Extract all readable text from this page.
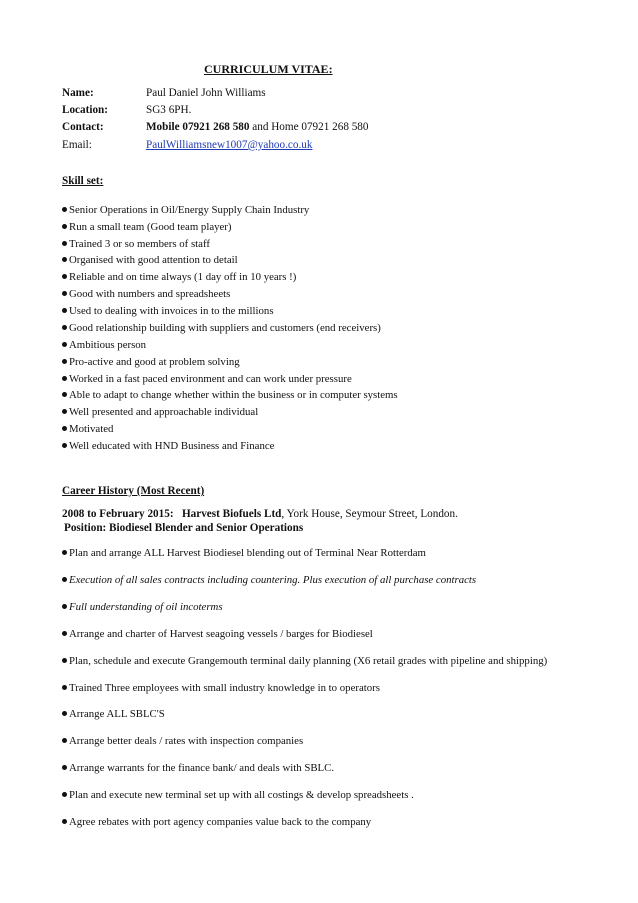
CURRICULUM VITAE:
Name:	Paul Daniel John Williams
Location:	SG3 6PH.
Contact:	Mobile 07921 268 580 and Home 07921 268 580
Email:	PaulWilliamsnew1007@yahoo.co.uk
Skill set:
Senior Operations in Oil/Energy Supply Chain Industry
Run a small team (Good team player)
Trained 3 or so members of staff
Organised with good attention to detail
Reliable and on time always (1 day off in 10 years !)
Good with numbers and spreadsheets
Used to dealing with invoices in to the millions
Good relationship building with suppliers and customers (end receivers)
Ambitious person
Pro-active and good at problem solving
Worked in a fast paced environment and can work under pressure
Able to adapt to change whether within the business or in computer systems
Well presented and approachable individual
Motivated
Well educated with HND Business and Finance
Career History (Most Recent)
2008 to February 2015: Harvest Biofuels Ltd, York House, Seymour Street, London.
Position: Biodiesel Blender and Senior Operations
Plan and arrange ALL Harvest Biodiesel blending out of Terminal Near Rotterdam
Execution of all sales contracts including countering. Plus execution of all purchase contracts
Full understanding of oil incoterms
Arrange and charter of Harvest seagoing vessels / barges for Biodiesel
Plan, schedule and execute Grangemouth terminal daily planning (X6 retail grades with pipeline and shipping)
Trained Three employees with small industry knowledge in to operators
Arrange ALL SBLC'S
Arrange better deals / rates with inspection companies
Arrange warrants for the finance bank/ and deals with SBLC.
Plan and execute new terminal set up with all costings & develop spreadsheets .
Agree rebates with port agency companies value back to the company
